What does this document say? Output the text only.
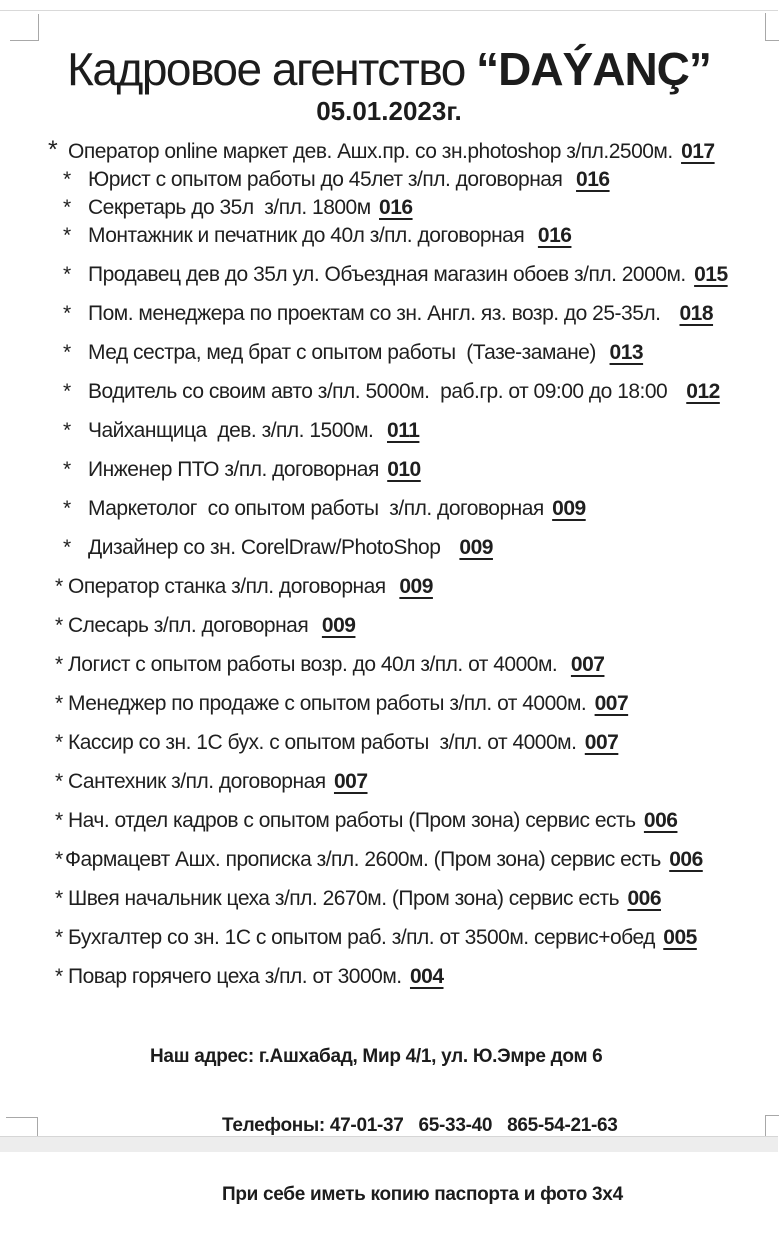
Кадровое агентство “DAÝANÇ”
05.01.2023г.
* Оператор online маркет дев. Ашх.пр. со зн.photoshop з/пл.2500м. 017
* Юрист с опытом работы до 45лет з/пл. договорная  016
* Секретарь до 35л  з/пл. 1800м 016
* Монтажник и печатник до 40л з/пл. договорная  016
* Продавец дев до 35л ул. Объездная магазин обоев з/пл. 2000м. 015
* Пом. менеджера по проектам со зн. Англ. яз. возр. до 25-35л.   018
* Мед сестра, мед брат с опытом работы  (Тазе-замане)  013
* Водитель со своим авто з/пл. 5000м.  раб.гр. от 09:00 до 18:00   012
* Чайханщица  дев. з/пл. 1500м.  011
* Инженер ПТО з/пл. договорная 010
* Маркетолог  со опытом работы  з/пл. договорная 009
* Дизайнер со зн. CorelDraw/PhotoShop   009
* Оператор станка з/пл. договорная  009
* Слесарь з/пл. договорная  009
* Логист с опытом работы возр. до 40л з/пл. от 4000м.  007
* Менеджер по продаже с опытом работы з/пл. от 4000м. 007
* Кассир со зн. 1С бух. с опытом работы  з/пл. от 4000м. 007
* Сантехник з/пл. договорная 007
* Нач. отдел кадров с опытом работы (Пром зона) сервис есть 006
*Фармацевт Ашх. прописка з/пл. 2600м. (Пром зона) сервис есть 006
* Швея начальник цеха з/пл. 2670м. (Пром зона) сервис есть 006
* Бухгалтер со зн. 1С с опытом раб. з/пл. от 3500м. сервис+обед 005
* Повар горячего цеха з/пл. от 3000м. 004

Наш адрес: г.Ашхабад, Мир 4/1, ул. Ю.Эмре дом 6

Телефоны: 47-01-37   65-33-40   865-54-21-63

При себе иметь копию паспорта и фото 3х4
